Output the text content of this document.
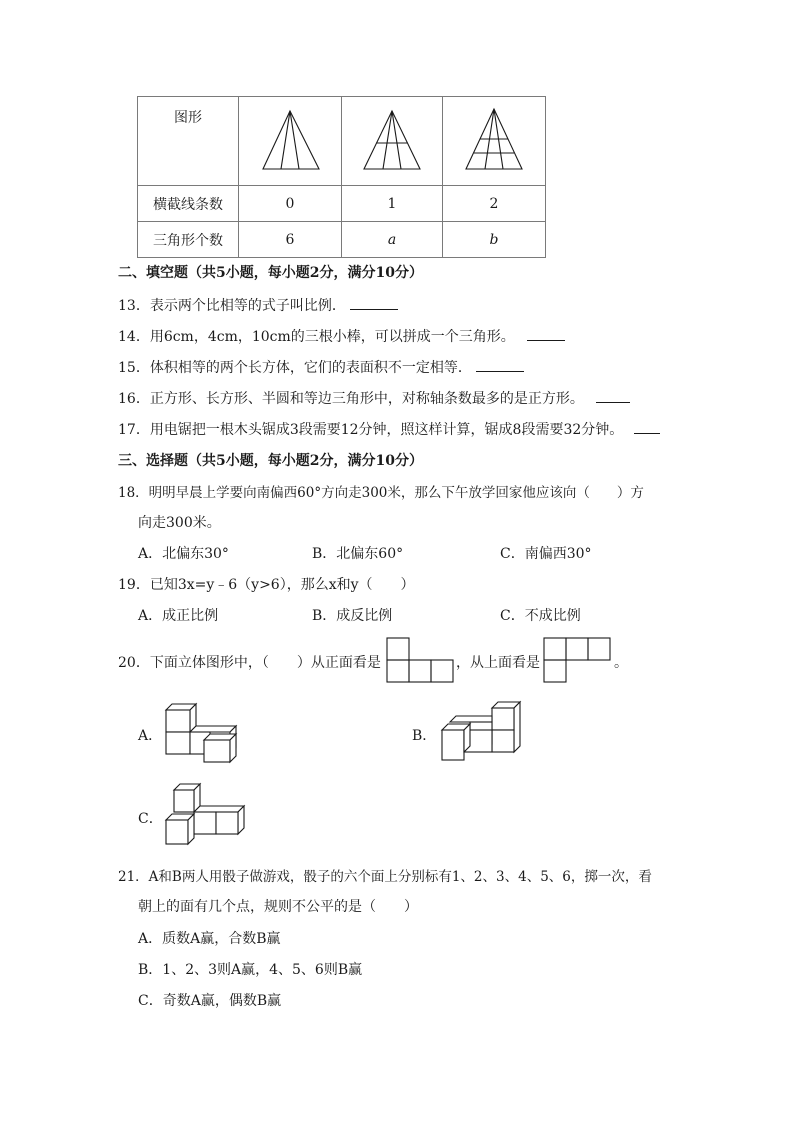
图形	

横截线条数	0	1	2
三角形个数	6	a	b
二、填空题（共5小题，每小题2分，满分10分）
13．表示两个比相等的式子叫比例．
14．用6cm，4cm，10cm的三根小棒，可以拼成一个三角形。
15．体积相等的两个长方体，它们的表面积不一定相等．
16．正方形、长方形、半圆和等边三角形中，对称轴条数最多的是正方形。
17．用电锯把一根木头锯成3段需要12分钟，照这样计算，锯成8段需要32分钟。
三、选择题（共5小题，每小题2分，满分10分）
18．明明早晨上学要向南偏西60°方向走300米，那么下午放学回家他应该向（　　）方
向走300米。
A．北偏东30°	B．北偏东60°	C．南偏西30°
19．已知3x=y﹣6（y>6），那么x和y（　　）
A．成正比例	B．成反比例	C．不成比例
20．下面立体图形中，（　　）从正面看是	，从上面看是	。
A．	B．
C．
21．A和B两人用骰子做游戏，骰子的六个面上分别标有1、2、3、4、5、6，掷一次，看
朝上的面有几个点，规则不公平的是（　　）
A．质数A赢，合数B赢
B．1、2、3则A赢，4、5、6则B赢
C．奇数A赢，偶数B赢
